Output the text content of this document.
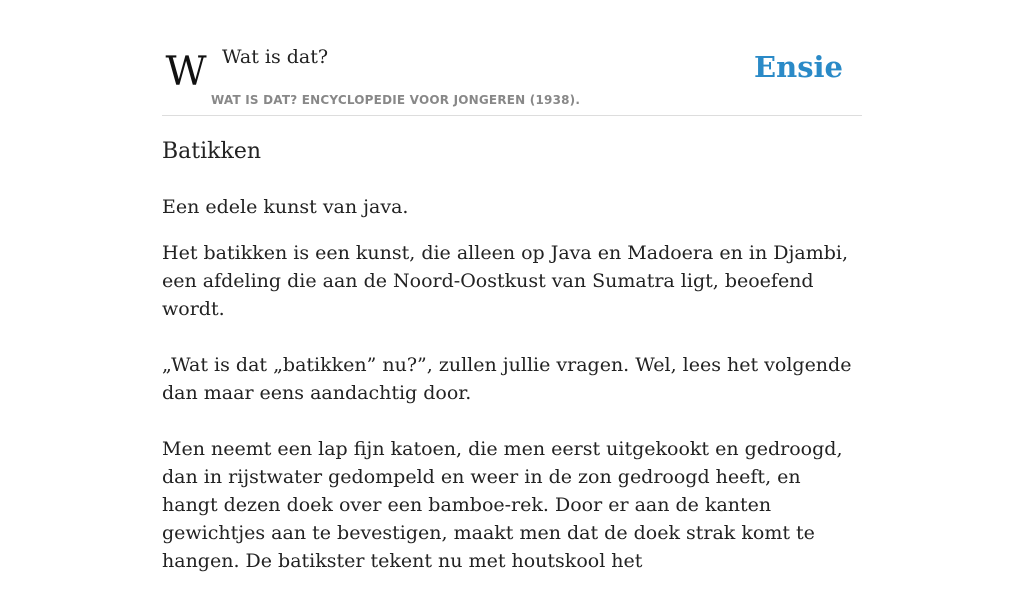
W Wat is dat?
WAT IS DAT? ENCYCLOPEDIE VOOR JONGEREN (1938).
Ensie
Batikken

Een edele kunst van java.

Het batikken is een kunst, die alleen op Java en Madoera en in Djambi, een afdeling die aan de Noord-Oostkust van Sumatra ligt, beoefend wordt.

„Wat is dat „batikken” nu?”, zullen jullie vragen. Wel, lees het volgende dan maar eens aandachtig door.

Men neemt een lap fijn katoen, die men eerst uitgekookt en gedroogd, dan in rijstwater gedompeld en weer in de zon gedroogd heeft, en hangt dezen doek over een bamboe-rek. Door er aan de kanten gewichtjes aan te bevestigen, maakt men dat de doek strak komt te hangen. De batikster tekent nu met houtskool het
